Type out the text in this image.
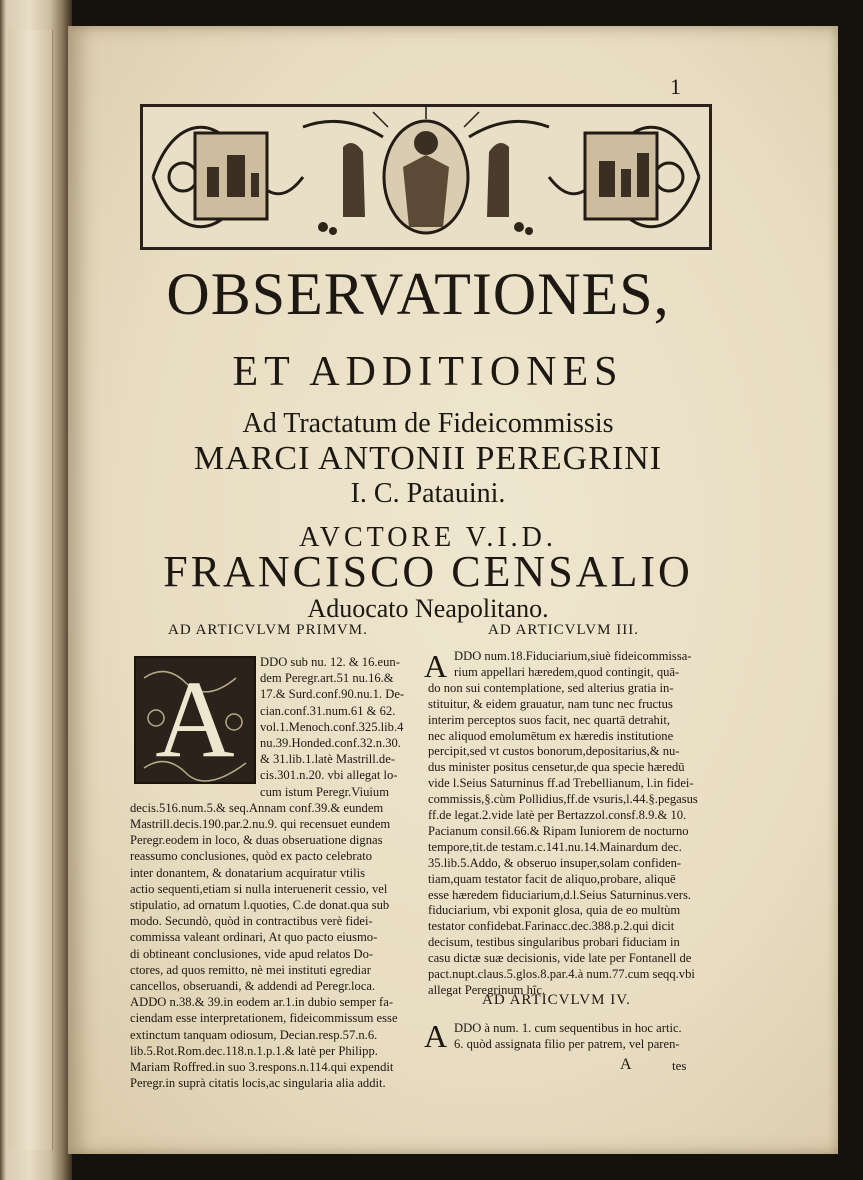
1
OBSERVATIONES,
ET ADDITIONES
Ad Tractatum de Fideicommissis
MARCI ANTONII PEREGRINI
I. C. Patauini.
AVCTORE V.I.D.
FRANCISCO CENSALIO
Aduocato Neapolitano.
AD ARTICVLVM PRIMVM.	AD ARTICVLVM III.
A	DDO sub nu. 12. & 16.eun-
dem Peregr.art.51 nu.16.&
17.& Surd.conf.90.nu.1. De-
cian.conf.31.num.61 & 62.
vol.1.Menoch.conf.325.lib.4
nu.39.Honded.conf.32.n.30.
& 31.lib.1.latè Mastrill.de-
cis.301.n.20. vbi allegat lo-
cum istum Peregr.Viuium
decis.516.num.5.& seq.Annam conf.39.& eundem
Mastrill.decis.190.par.2.nu.9. qui recensuet eundem
Peregr.eodem in loco, & duas obseruatione dignas
reassumo conclusiones, quòd ex pacto celebrato
inter donantem, & donatarium acquiratur vtilis
actio sequenti,etiam si nulla interuenerit cessio, vel
stipulatio, ad ornatum l.quoties, C.de donat.qua sub
modo. Secundò, quòd in contractibus verè fidei-
commissa valeant ordinari, At quo pacto eiusmo-
di obtineant conclusiones, vide apud relatos Do-
ctores, ad quos remitto, nè mei instituti egrediar
cancellos, obseruandi, & addendi ad Peregr.loca.
ADDO n.38.& 39.in eodem ar.1.in dubio semper fa-
ciendam esse interpretationem, fideicommissum esse
extinctum tanquam odiosum, Decian.resp.57.n.6.
lib.5.Rot.Rom.dec.118.n.1.p.1.& latè per Philipp.
Mariam Roffred.in suo 3.respons.n.114.qui expendit
Peregr.in suprà citatis locis,ac singularia alia addit.
A DDO num.18.Fiduciarium,siuè fideicommissa-
rium appellari hæredem,quod contingit, quā-
do non sui contemplatione, sed alterius gratia in-
stituitur, & eidem grauatur, nam tunc nec fructus
interim perceptos suos facit, nec quartā detrahit,
nec aliquod emolumētum ex hæredis institutione
percipit,sed vt custos bonorum,depositarius,& nu-
dus minister positus censetur,de qua specie hæredū
vide l.Seius Saturninus ff.ad Trebellianum, l.in fidei-
commissis,§.cùm Pollidius,ff.de vsuris,l.44.§.pegasus
ff.de legat.2.vide latè per Bertazzol.consf.8.9.& 10.
Pacianum consil.66.& Ripam Iuniorem de nocturno
tempore,tit.de testam.c.141.nu.14.Mainardum dec.
35.lib.5.Addo, & obseruo insuper,solam confiden-
tiam,quam testator facit de aliquo,probare, aliquē
esse hæredem fiduciarium,d.l.Seius Saturninus.vers.
fiduciarium, vbi exponit glosa, quia de eo multùm
testator confidebat.Farinacc.dec.388.p.2.qui dicit
decisum, testibus singularibus probari fiduciam in
casu dictæ suæ decisionis, vide late per Fontanell de
pact.nupt.claus.5.glos.8.par.4.à num.77.cum seqq.vbi
allegat Peregrinum hîc.
AD ARTICVLVM IV.
A DDO à num. 1. cum sequentibus in hoc artic.
6. quòd assignata filio per patrem, vel paren-
A	tes
